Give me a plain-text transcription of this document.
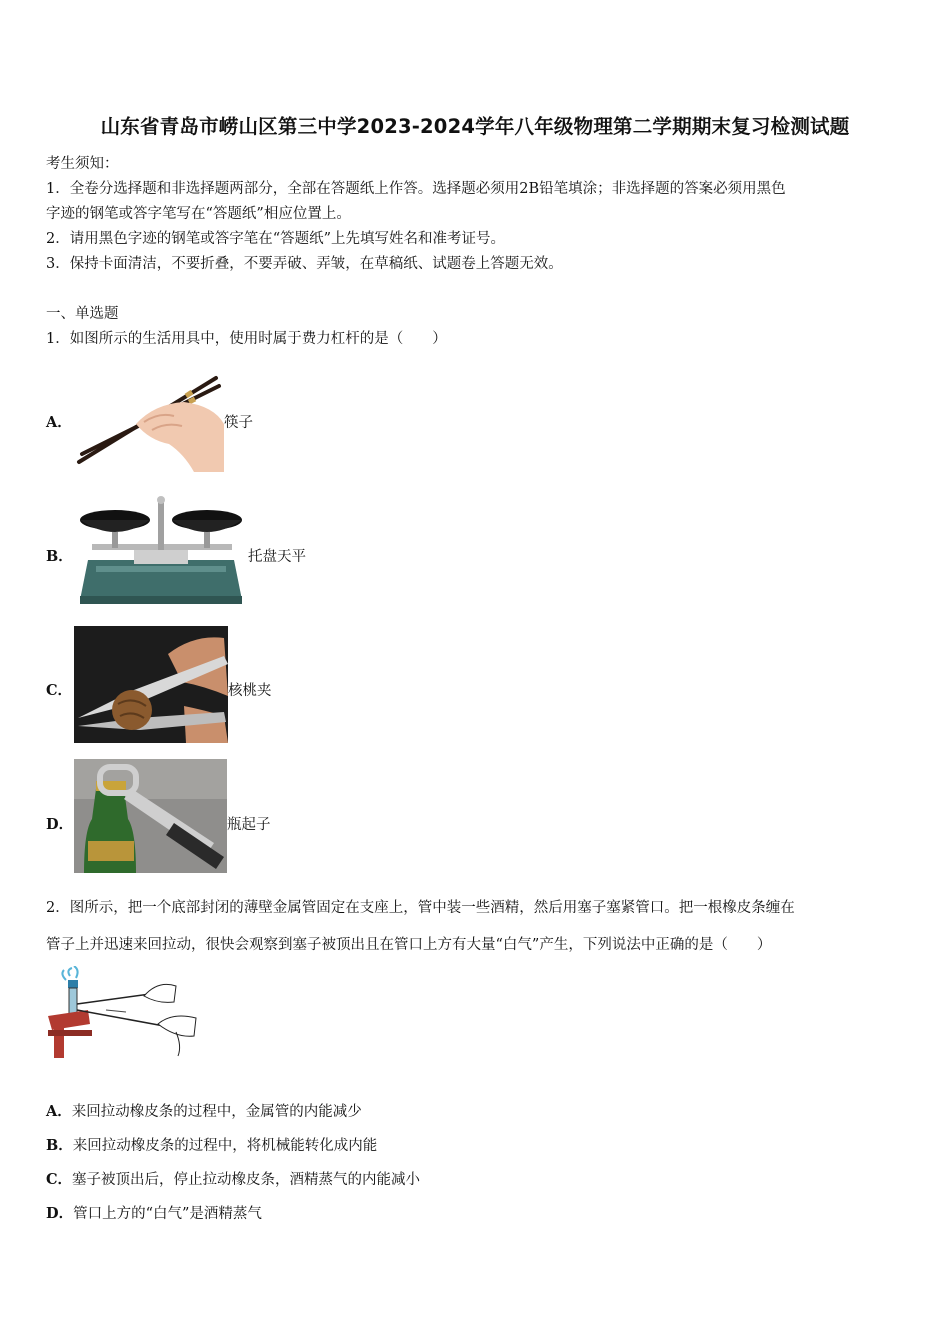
山东省青岛市崂山区第三中学2023-2024学年八年级物理第二学期期末复习检测试题
考生须知：
1．全卷分选择题和非选择题两部分，全部在答题纸上作答。选择题必须用2B铅笔填涂；非选择题的答案必须用黑色
字迹的钢笔或答字笔写在“答题纸”相应位置上。
2．请用黑色字迹的钢笔或答字笔在“答题纸”上先填写姓名和准考证号。
3．保持卡面清洁，不要折叠，不要弄破、弄皱，在草稿纸、试题卷上答题无效。
一、单选题
1．如图所示的生活用具中，使用时属于费力杠杆的是（　　）
A．	筷子
B．	托盘天平
C．	核桃夹
D．	瓶起子
2．图所示，把一个底部封闭的薄壁金属管固定在支座上，管中装一些酒精，然后用塞子塞紧管口。把一根橡皮条缠在
管子上并迅速来回拉动，很快会观察到塞子被顶出且在管口上方有大量“白气”产生，下列说法中正确的是（　　）
A．来回拉动橡皮条的过程中，金属管的内能减少
B．来回拉动橡皮条的过程中，将机械能转化成内能
C．塞子被顶出后，停止拉动橡皮条，酒精蒸气的内能减小
D．管口上方的“白气”是酒精蒸气
